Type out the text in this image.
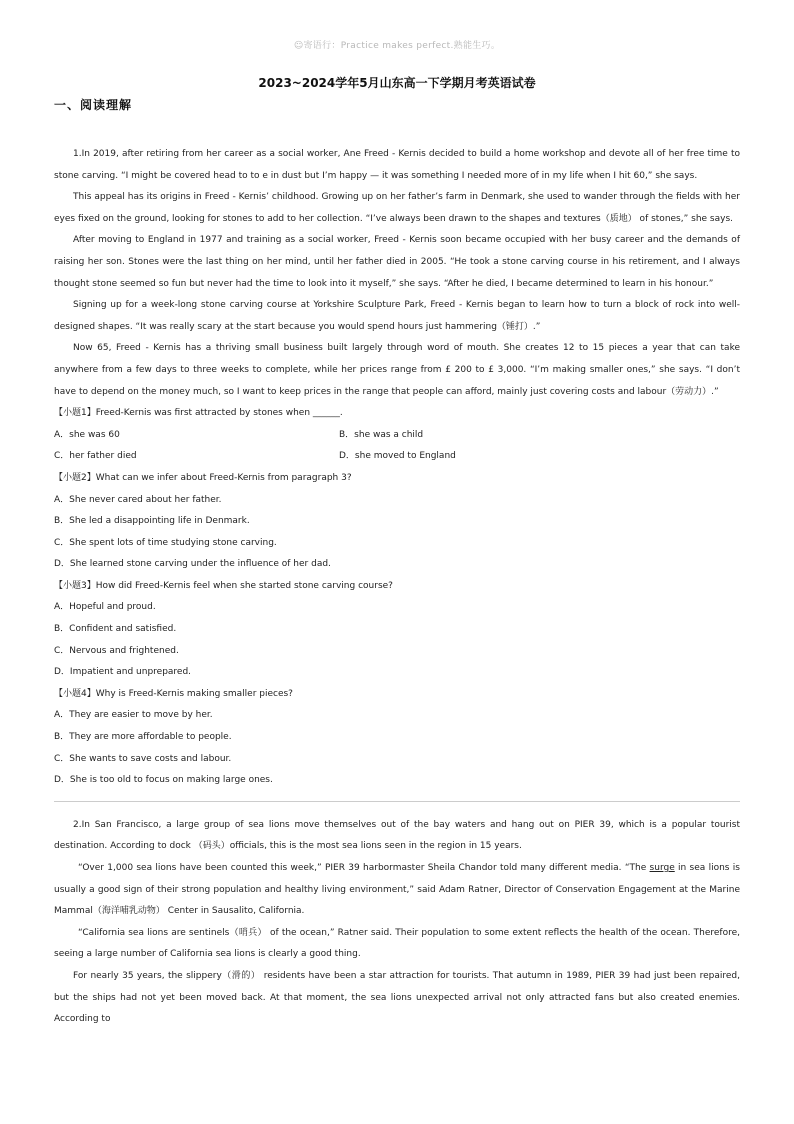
☺寄语行：Practice makes perfect.熟能生巧。
2023~2024学年5月山东高一下学期月考英语试卷
一、阅读理解

1.In 2019, after retiring from her career as a social worker, Ane Freed - Kernis decided to build a home workshop and devote all of her free time to stone carving. “I might be covered head to to e in dust but I’m happy — it was something I needed more of in my life when I hit 60,” she says.

This appeal has its origins in Freed - Kernis’ childhood. Growing up on her father’s farm in Denmark, she used to wander through the fields with her eyes fixed on the ground, looking for stones to add to her collection. “I’ve always been drawn to the shapes and textures（质地） of stones,” she says.

After moving to England in 1977 and training as a social worker, Freed - Kernis soon became occupied with her busy career and the demands of raising her son. Stones were the last thing on her mind, until her father died in 2005. “He took a stone carving course in his retirement, and I always thought stone seemed so fun but never had the time to look into it myself,” she says. “After he died, I became determined to learn in his honour.”

Signing up for a week-long stone carving course at Yorkshire Sculpture Park, Freed - Kernis began to learn how to turn a block of rock into well-designed shapes. “It was really scary at the start because you would spend hours just hammering（锤打）.”

Now 65, Freed - Kernis has a thriving small business built largely through word of mouth. She creates 12 to 15 pieces a year that can take anywhere from a few days to three weeks to complete, while her prices range from £ 200 to £ 3,000. “I’m making smaller ones,” she says. “I don’t have to depend on the money much, so I want to keep prices in the range that people can afford, mainly just covering costs and labour（劳动力）.”

【小题1】Freed-Kernis was first attracted by stones when ______.

A．she was 60	B．she was a child

C．her father died	D．she moved to England

【小题2】What can we infer about Freed-Kernis from paragraph 3?

A．She never cared about her father.

B．She led a disappointing life in Denmark.

C．She spent lots of time studying stone carving.

D．She learned stone carving under the influence of her dad.

【小题3】How did Freed-Kernis feel when she started stone carving course?

A．Hopeful and proud.

B．Confident and satisfied.

C．Nervous and frightened.

D．Impatient and unprepared.

【小题4】Why is Freed-Kernis making smaller pieces?

A．They are easier to move by her.

B．They are more affordable to people.

C．She wants to save costs and labour.

D．She is too old to focus on making large ones.

2.In San Francisco, a large group of sea lions move themselves out of the bay waters and hang out on PIER 39, which is a popular tourist destination. According to dock （码头）officials, this is the most sea lions seen in the region in 15 years.

“Over 1,000 sea lions have been counted this week,” PIER 39 harbormaster Sheila Chandor told many different media. “The surge in sea lions is usually a good sign of their strong population and healthy living environment,” said Adam Ratner, Director of Conservation Engagement at the Marine Mammal（海洋哺乳动物） Center in Sausalito, California.

“California sea lions are sentinels（哨兵） of the ocean,” Ratner said. Their population to some extent reflects the health of the ocean. Therefore, seeing a large number of California sea lions is clearly a good thing.

For nearly 35 years, the slippery（滑的） residents have been a star attraction for tourists. That autumn in 1989, PIER 39 had just been repaired, but the ships had not yet been moved back. At that moment, the sea lions unexpected arrival not only attracted fans but also created enemies. According to
